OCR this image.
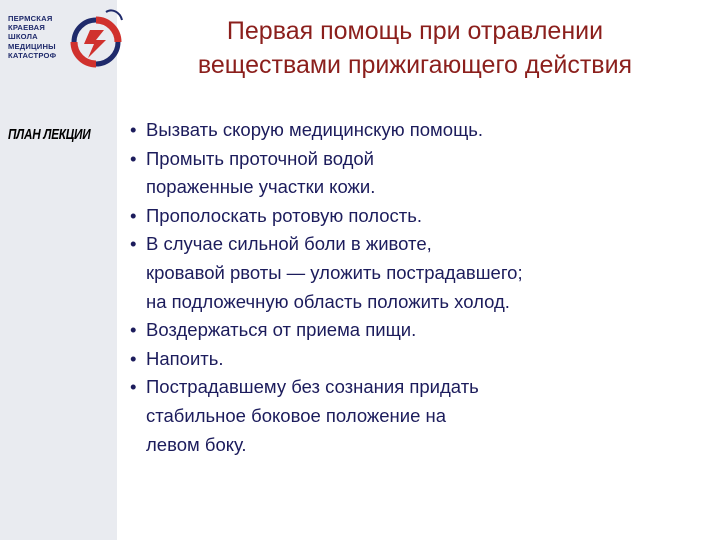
ПЕРМСКАЯ
КРАЕВАЯ
ШКОЛА
МЕДИЦИНЫ
КАТАСТРОФ
ПЛАН ЛЕКЦИИ
Первая помощь при отравлении
веществами прижигающего действия
• Вызвать скорую медицинскую помощь.
• Промыть проточной водой
пораженные участки кожи.
• Прополоскать ротовую полость.
• В случае сильной боли в животе,
кровавой рвоты — уложить пострадавшего;
на подложечную область положить холод.
• Воздержаться от приема пищи.
• Напоить.
• Пострадавшему без сознания придать
стабильное боковое положение на
левом боку.
